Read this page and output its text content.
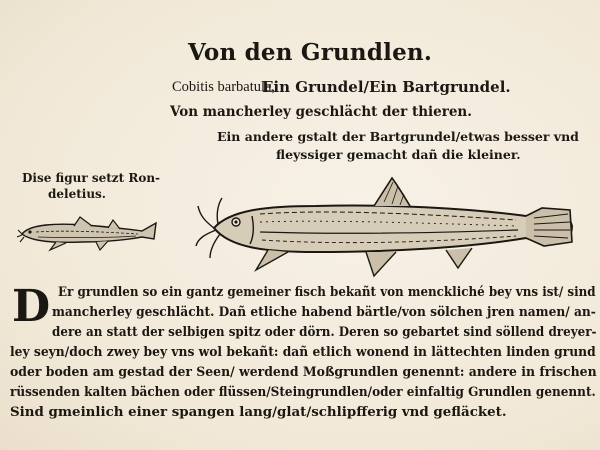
Von den Grundlen.
Cobitis barbatula,
Ein Grundel/Ein Bartgrundel.
Von mancherley geschlächt der thieren.
Ein andere gstalt der Bartgrundel/etwas besser vnd
fleyssiger gemacht dañ die kleiner.
Dise figur setzt Ron-
deletius.
D Er grundlen so ein gantz gemeiner fisch bekañt von menckliché bey vns ist/ sind
mancherley geschlächt. Dañ etliche habend bärtle/von sölchen jren namen/ an-
dere an statt der selbigen spitz oder dörn. Deren so gebartet sind söllend dreyer-
ley seyn/doch zwey bey vns wol bekañt: dañ etlich wonend in lättechten linden grund
oder boden am gestad der Seen/ werdend Moßgrundlen genennt: andere in frischen
rüssenden kalten bächen oder flüssen/Steingrundlen/oder einfaltig Grundlen genennt.
Sind gmeinlich einer spangen lang/glat/schlipfferig vnd gefläcket.
